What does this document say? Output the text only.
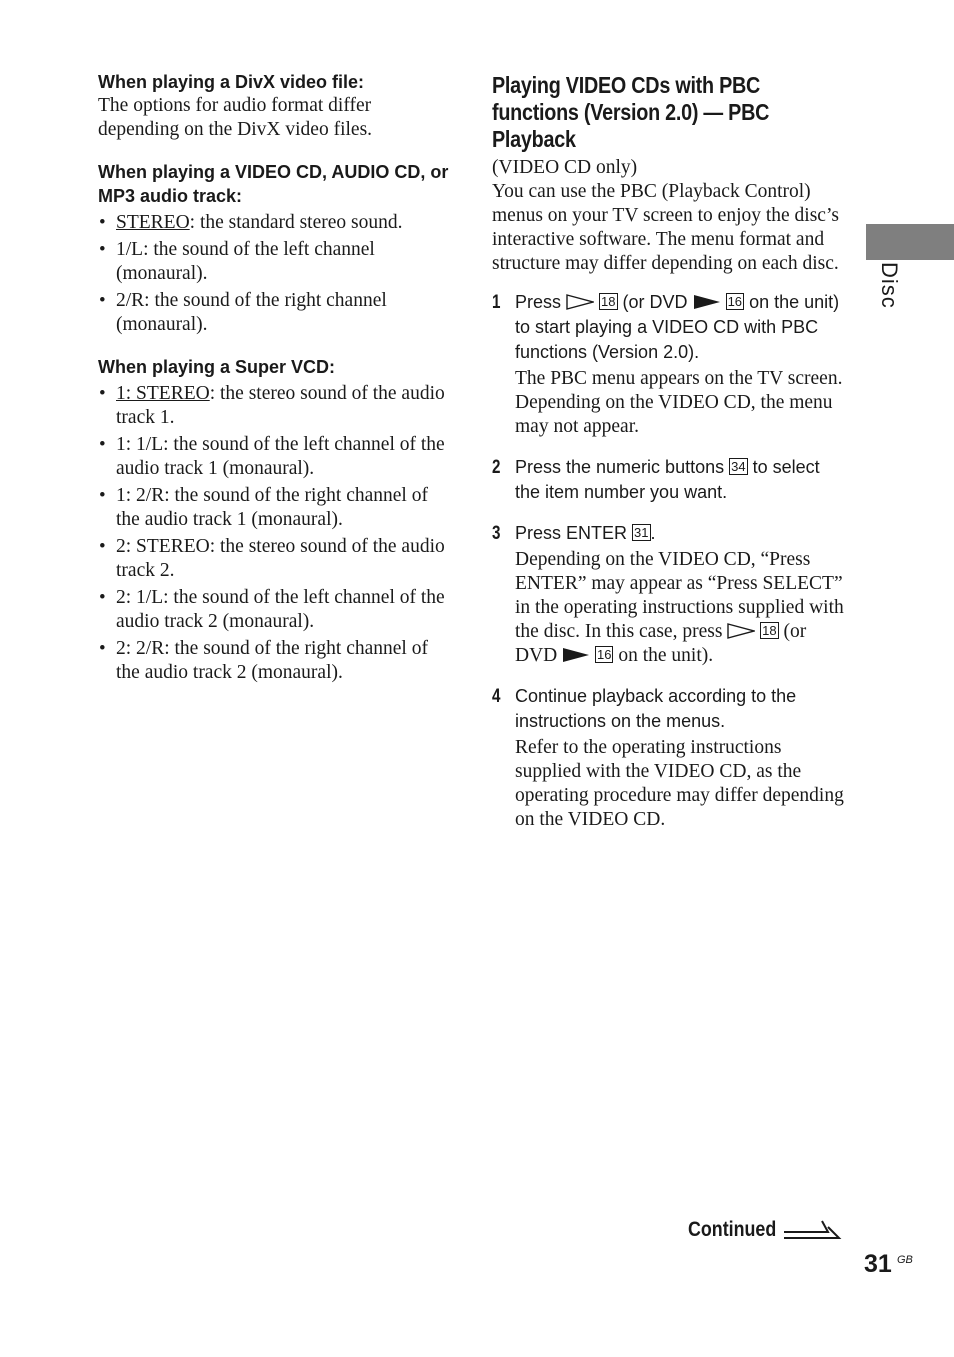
When playing a DivX video file:

The options for audio format differ depending on the DivX video files.

When playing a VIDEO CD, AUDIO CD, or MP3 audio track:

• STEREO: the standard stereo sound.
• 1/L: the sound of the left channel (monaural).
• 2/R: the sound of the right channel (monaural).

When playing a Super VCD:

• 1: STEREO: the stereo sound of the audio track 1.
• 1: 1/L: the sound of the left channel of the audio track 1 (monaural).
• 1: 2/R: the sound of the right channel of the audio track 1 (monaural).
• 2: STEREO: the stereo sound of the audio track 2.
• 2: 1/L: the sound of the left channel of the audio track 2 (monaural).
• 2: 2/R: the sound of the right channel of the audio track 2 (monaural).
Playing VIDEO CDs with PBC functions (Version 2.0) — PBC Playback

(VIDEO CD only)

You can use the PBC (Playback Control) menus on your TV screen to enjoy the disc’s interactive software. The menu format and structure may differ depending on each disc.

1 Press	18 (or DVD	16 on the unit) to start playing a VIDEO CD with PBC functions (Version 2.0).

The PBC menu appears on the TV screen. Depending on the VIDEO CD, the menu may not appear.

2 Press the numeric buttons 34 to select the item number you want.

3 Press ENTER 31 .

Depending on the VIDEO CD, “Press ENTER” may appear as “Press SELECT” in the operating instructions supplied with the disc. In this case, press	18 (or DVD	16 on the unit).

4 Continue playback according to the instructions on the menus.

Refer to the operating instructions supplied with the VIDEO CD, as the operating procedure may differ depending on the VIDEO CD.

Disc
Continued
31 GB
